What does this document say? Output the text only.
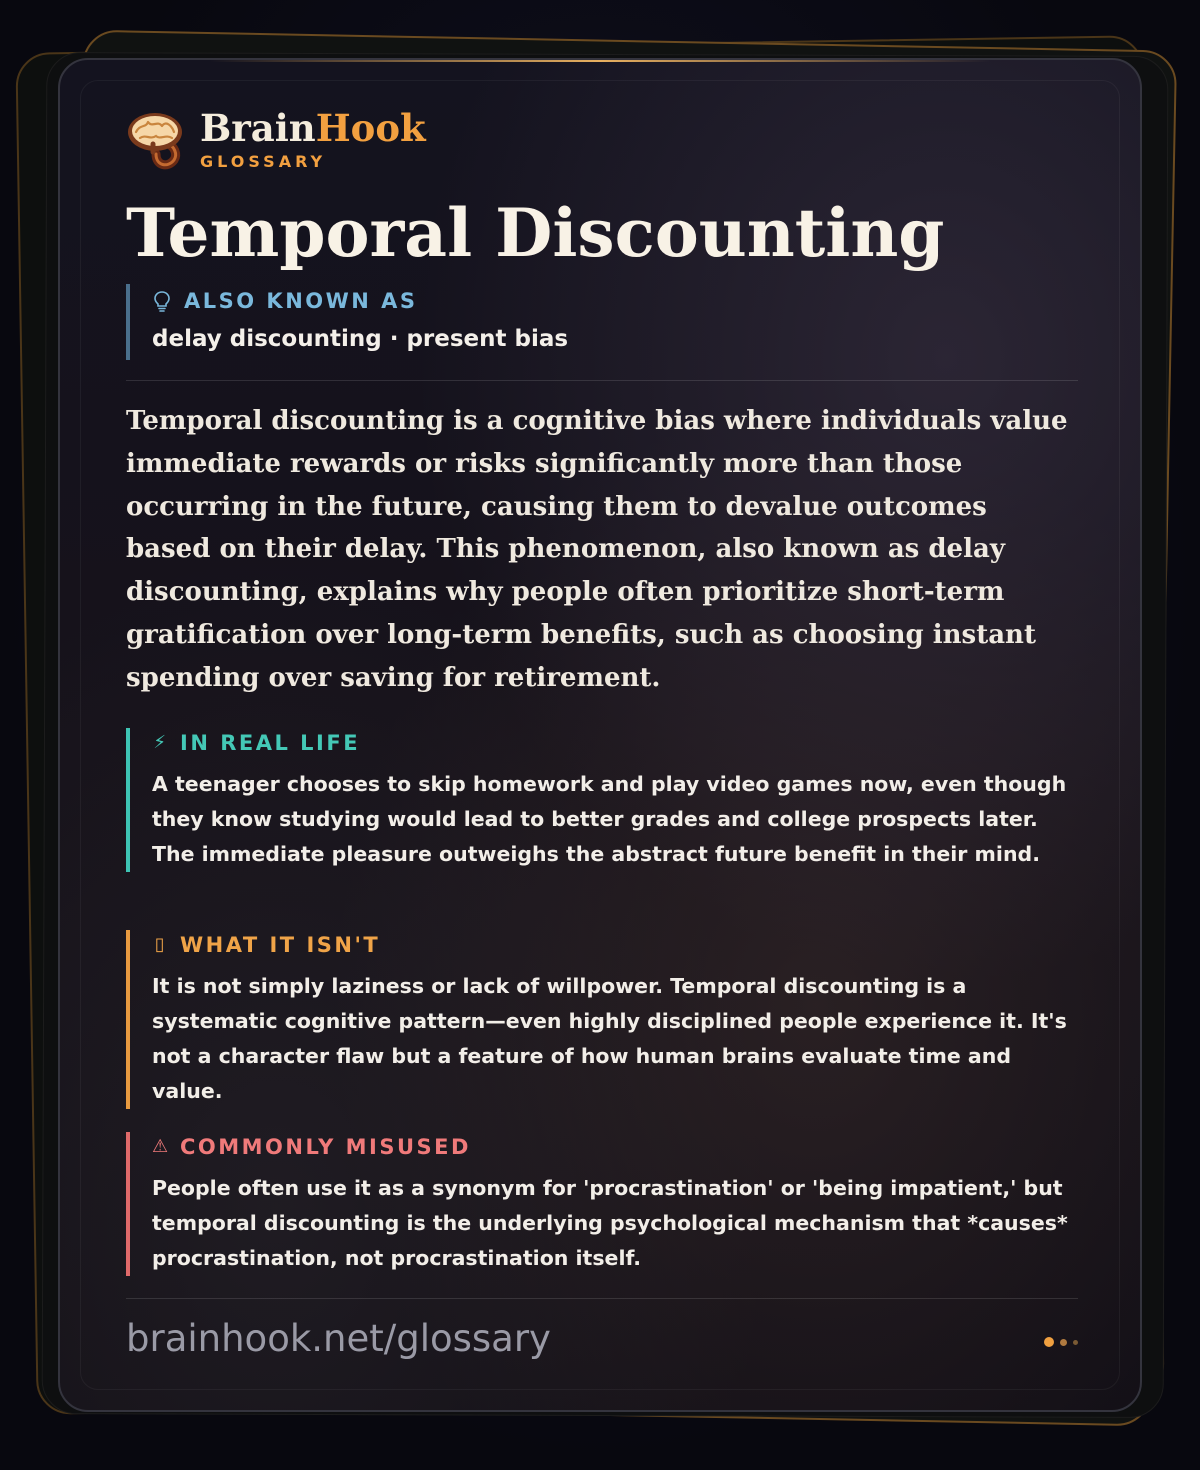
BrainHook
GLOSSARY
Temporal Discounting
ALSO KNOWN AS
delay discounting · present bias

Temporal discounting is a cognitive bias where individuals value immediate rewards or risks significantly more than those occurring in the future, causing them to devalue outcomes based on their delay. This phenomenon, also known as delay discounting, explains why people often prioritize short-term gratification over long-term benefits, such as choosing instant spending over saving for retirement.

⚡ IN REAL LIFE

A teenager chooses to skip homework and play video games now, even though they know studying would lead to better grades and college prospects later. The immediate pleasure outweighs the abstract future benefit in their mind.

▯ WHAT IT ISN'T

It is not simply laziness or lack of willpower. Temporal discounting is a systematic cognitive pattern—even highly disciplined people experience it. It's not a character flaw but a feature of how human brains evaluate time and value.

⚠ COMMONLY MISUSED

People often use it as a synonym for 'procrastination' or 'being impatient,' but temporal discounting is the underlying psychological mechanism that *causes* procrastination, not procrastination itself.

brainhook.net/glossary
